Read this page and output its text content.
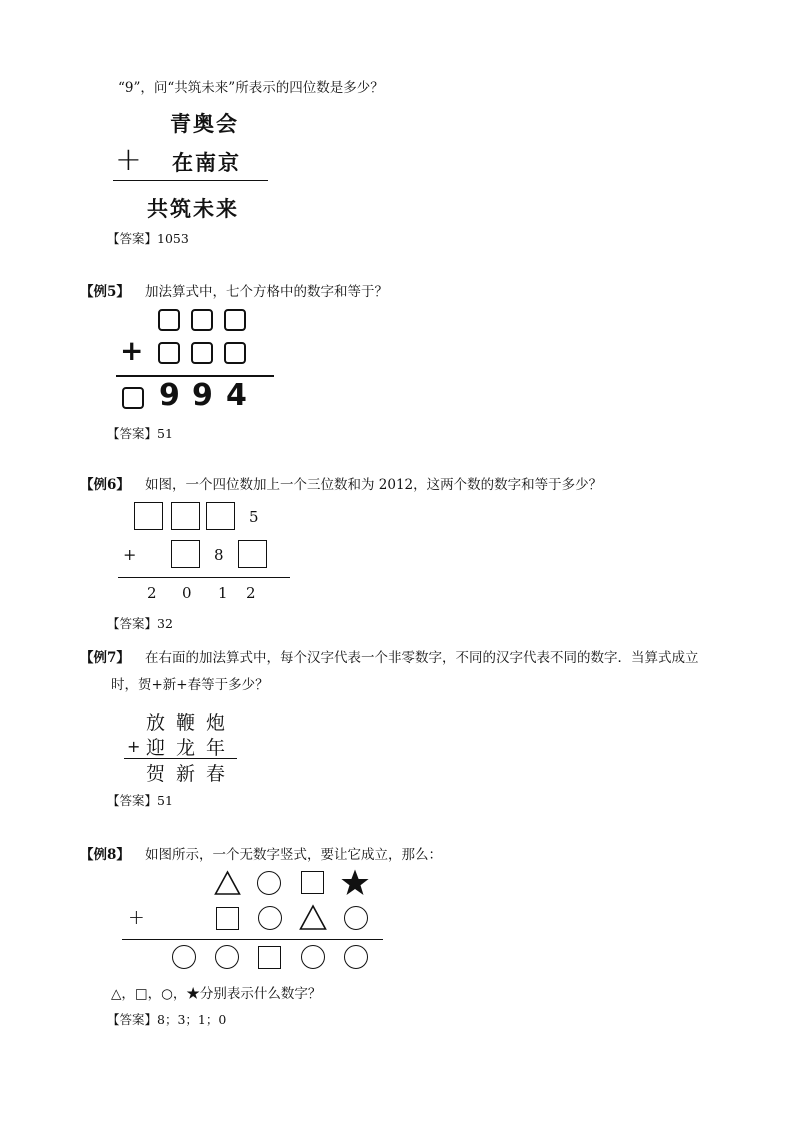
“9”，问“共筑未来”所表示的四位数是多少？
青奥会
+ 在南京
共筑未来
【答案】1053
【例5】 加法算式中，七个方格中的数字和等于？
+
9 9 4
【答案】51
【例6】 如图，一个四位数加上一个三位数和为 2012，这两个数的数字和等于多少？
5
+	8
2 0 1 2
【答案】32
【例7】 在右面的加法算式中，每个汉字代表一个非零数字，不同的汉字代表不同的数字．当算式成立
时，贺+新+春等于多少？
放 鞭 炮
+ 迎 龙 年
贺 新 春
【答案】51
【例8】 如图所示，一个无数字竖式，要让它成立，那么：
+
△，□，○，★分别表示什么数字？
【答案】8；3；1；0
